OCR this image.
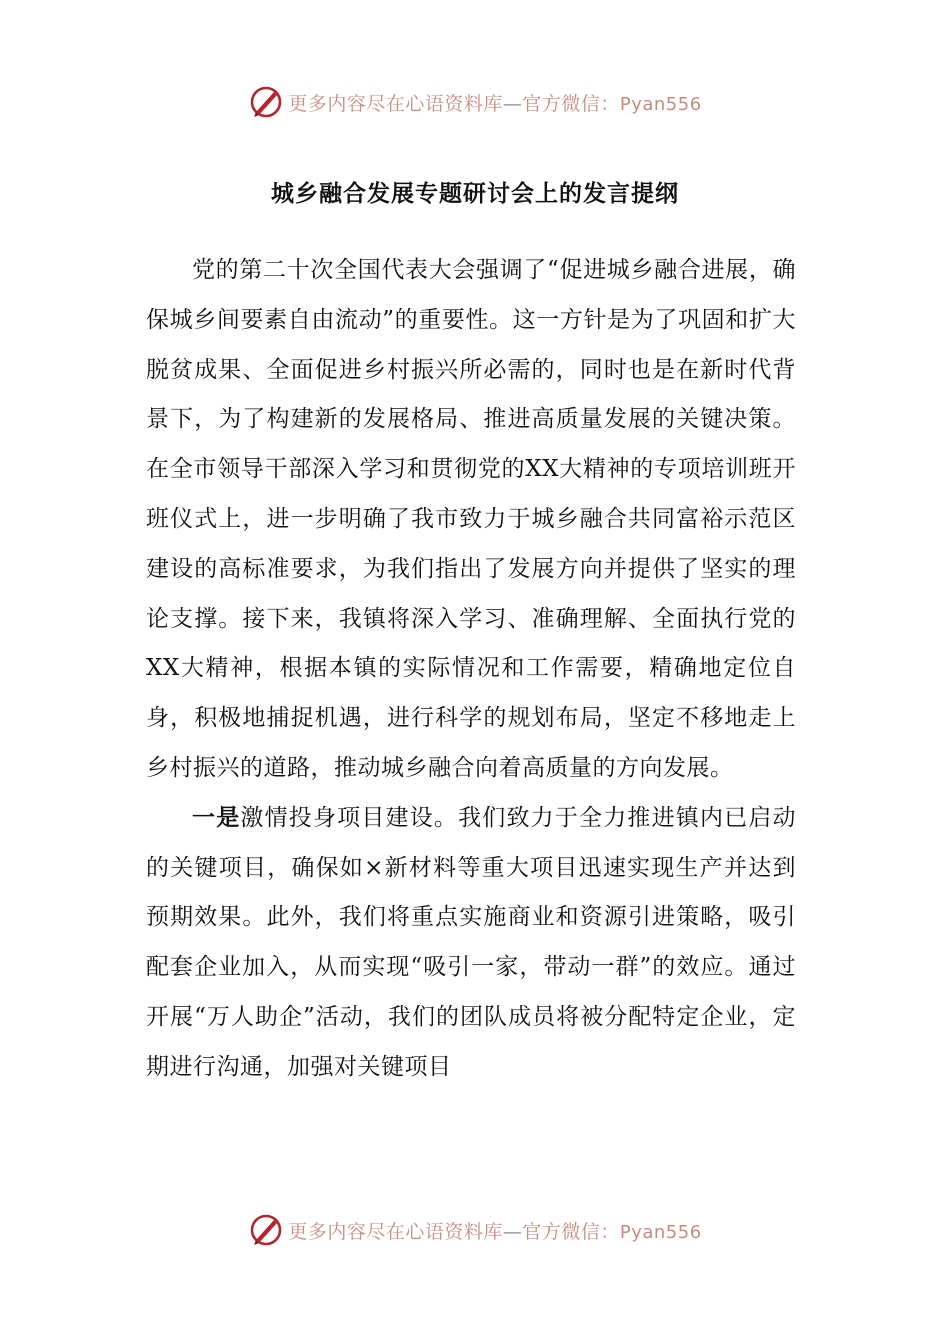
更多内容尽在心语资料库—官方微信：Pyan556
城乡融合发展专题研讨会上的发言提纲

党的第二十次全国代表大会强调了“促进城乡融合进展，确保城乡间要素自由流动”的重要性。这一方针是为了巩固和扩大脱贫成果、全面促进乡村振兴所必需的，同时也是在新时代背景下，为了构建新的发展格局、推进高质量发展的关键决策。在全市领导干部深入学习和贯彻党的XX大精神的专项培训班开班仪式上，进一步明确了我市致力于城乡融合共同富裕示范区建设的高标准要求，为我们指出了发展方向并提供了坚实的理论支撑。接下来，我镇将深入学习、准确理解、全面执行党的XX大精神，根据本镇的实际情况和工作需要，精确地定位自身，积极地捕捉机遇，进行科学的规划布局，坚定不移地走上乡村振兴的道路，推动城乡融合向着高质量的方向发展。

一是激情投身项目建设。我们致力于全力推进镇内已启动的关键项目，确保如×新材料等重大项目迅速实现生产并达到预期效果。此外，我们将重点实施商业和资源引进策略，吸引配套企业加入，从而实现“吸引一家，带动一群”的效应。通过开展“万人助企”活动，我们的团队成员将被分配特定企业，定期进行沟通，加强对关键项目

更多内容尽在心语资料库—官方微信：Pyan556
